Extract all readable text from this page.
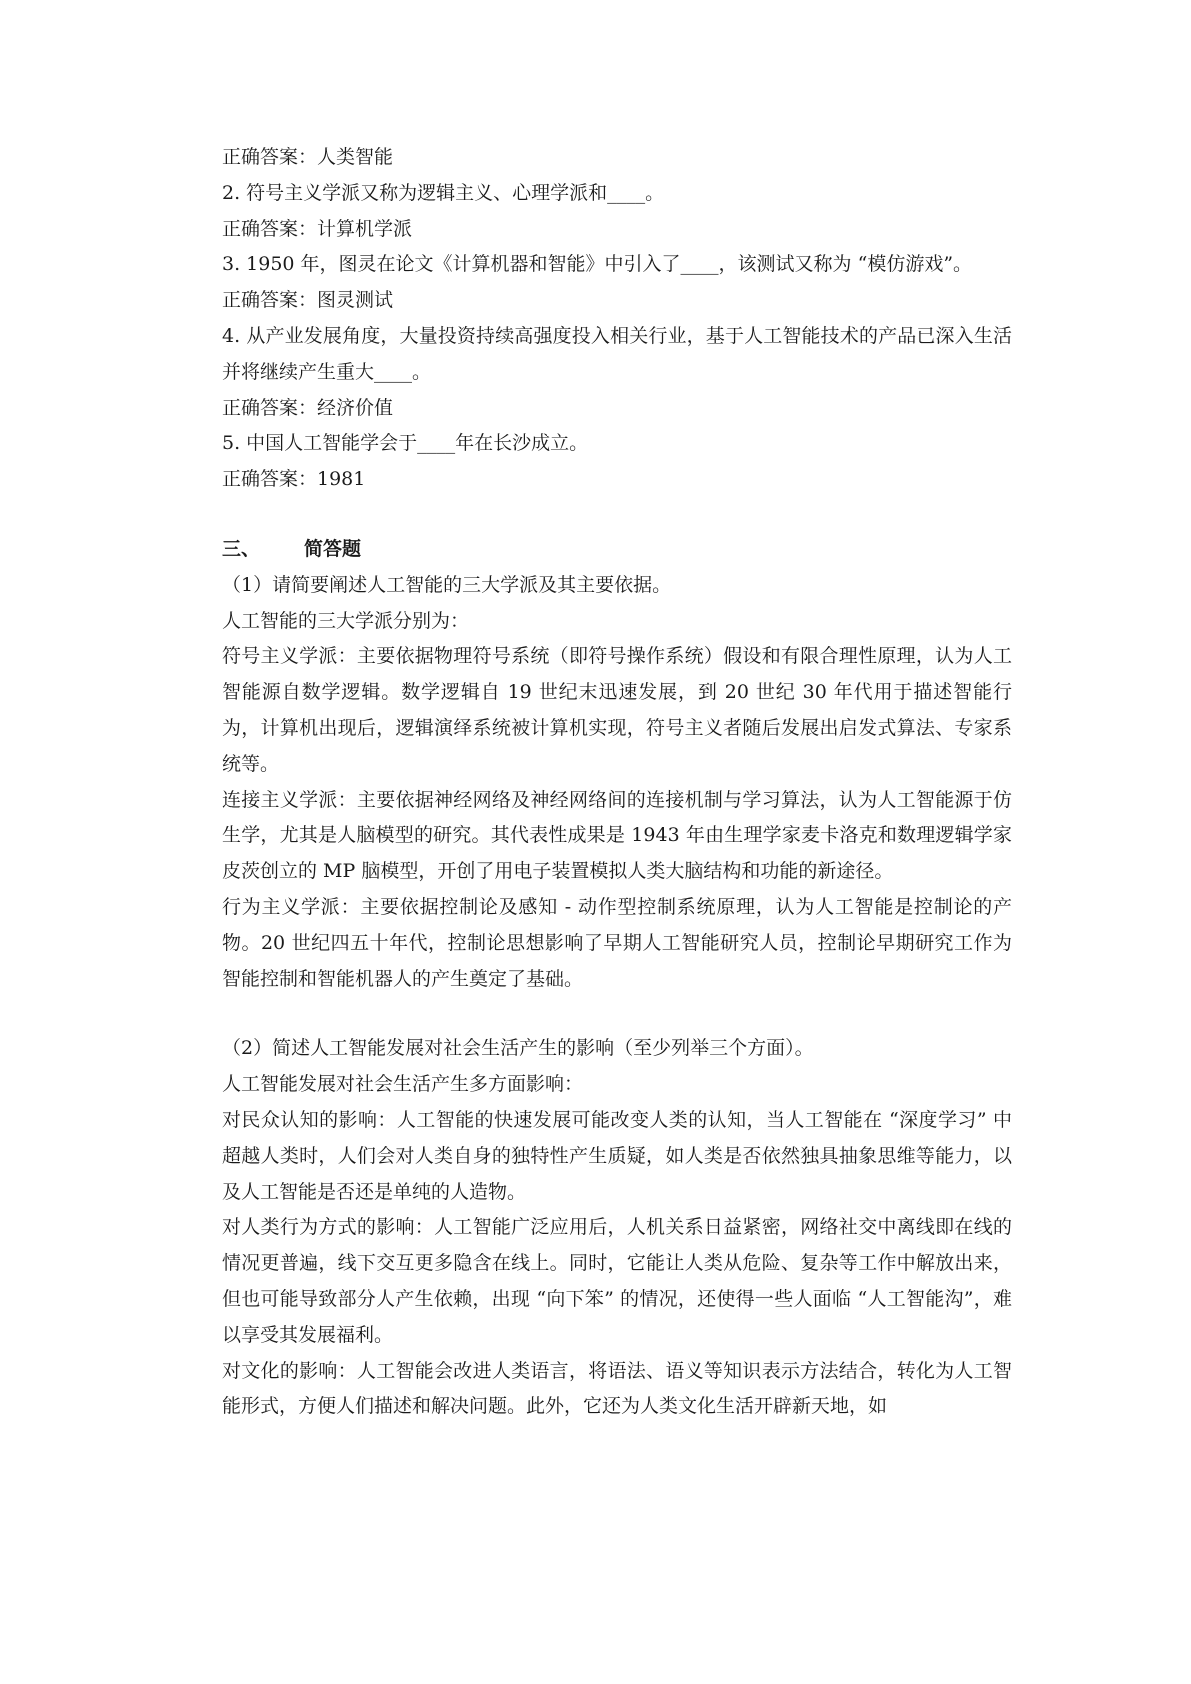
正确答案：人类智能
2. 符号主义学派又称为逻辑主义、心理学派和____。
正确答案：计算机学派
3. 1950 年，图灵在论文《计算机器和智能》中引入了____，该测试又称为 “模仿游戏”。
正确答案：图灵测试
4. 从产业发展角度，大量投资持续高强度投入相关行业，基于人工智能技术的产品已深入生活并将继续产生重大____。
正确答案：经济价值
5. 中国人工智能学会于____年在长沙成立。
正确答案：1981
三、	简答题
（1）请简要阐述人工智能的三大学派及其主要依据。
人工智能的三大学派分别为：
符号主义学派：主要依据物理符号系统（即符号操作系统）假设和有限合理性原理，认为人工智能源自数学逻辑。数学逻辑自 19 世纪末迅速发展，到 20 世纪 30 年代用于描述智能行为，计算机出现后，逻辑演绎系统被计算机实现，符号主义者随后发展出启发式算法、专家系统等。
连接主义学派：主要依据神经网络及神经网络间的连接机制与学习算法，认为人工智能源于仿生学，尤其是人脑模型的研究。其代表性成果是 1943 年由生理学家麦卡洛克和数理逻辑学家皮茨创立的 MP 脑模型，开创了用电子装置模拟人类大脑结构和功能的新途径。
行为主义学派：主要依据控制论及感知 - 动作型控制系统原理，认为人工智能是控制论的产物。20 世纪四五十年代，控制论思想影响了早期人工智能研究人员，控制论早期研究工作为智能控制和智能机器人的产生奠定了基础。
（2）简述人工智能发展对社会生活产生的影响（至少列举三个方面）。
人工智能发展对社会生活产生多方面影响：
对民众认知的影响：人工智能的快速发展可能改变人类的认知，当人工智能在 “深度学习” 中超越人类时，人们会对人类自身的独特性产生质疑，如人类是否依然独具抽象思维等能力，以及人工智能是否还是单纯的人造物。
对人类行为方式的影响：人工智能广泛应用后，人机关系日益紧密，网络社交中离线即在线的情况更普遍，线下交互更多隐含在线上。同时，它能让人类从危险、复杂等工作中解放出来，但也可能导致部分人产生依赖，出现 “向下笨” 的情况，还使得一些人面临 “人工智能沟”，难以享受其发展福利。
对文化的影响：人工智能会改进人类语言，将语法、语义等知识表示方法结合，转化为人工智能形式，方便人们描述和解决问题。此外，它还为人类文化生活开辟新天地，如
